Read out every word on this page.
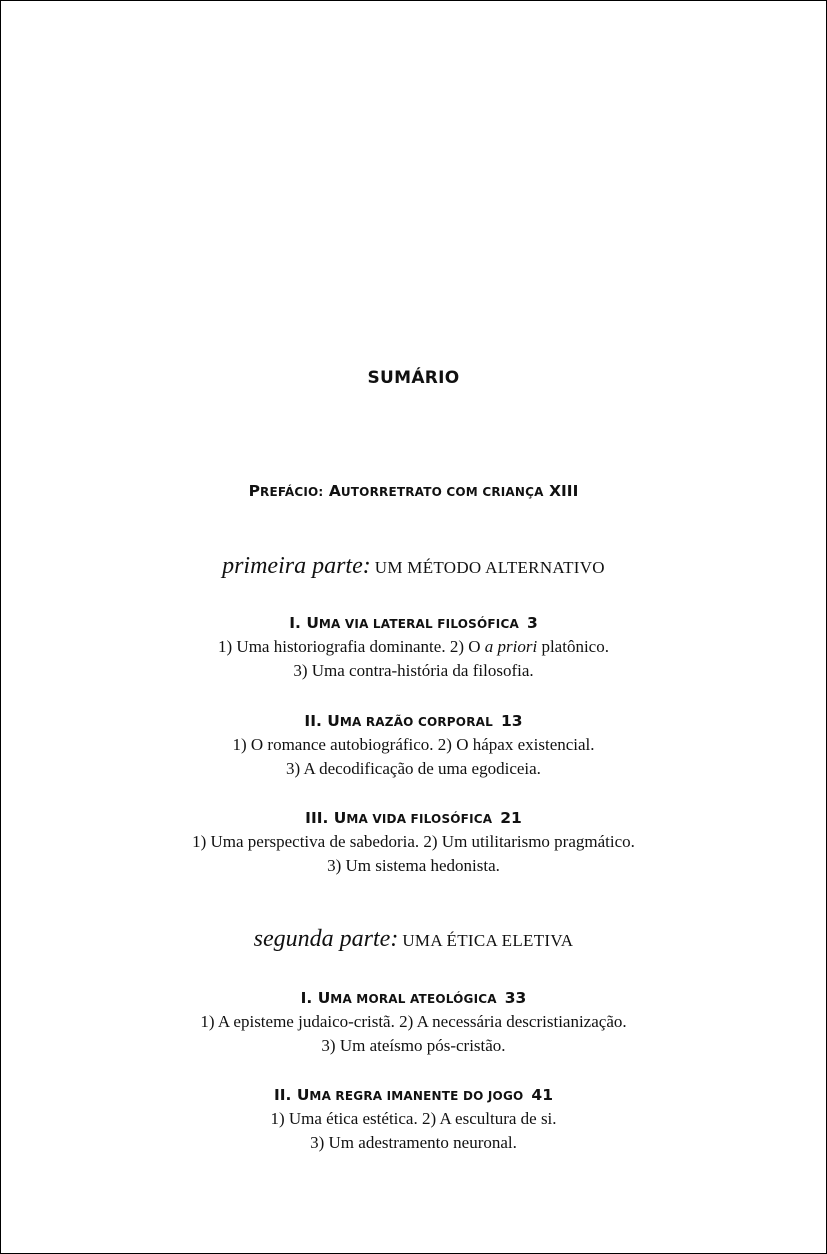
SUMÁRIO
PREFÁCIO: AUTORRETRATO COM CRIANÇA XIII
primeira parte: UM MÉTODO ALTERNATIVO
I. UMA VIA LATERAL FILOSÓFICA 3
1) Uma historiografia dominante. 2) O a priori platônico.
3) Uma contra-história da filosofia.
II. UMA RAZÃO CORPORAL 13
1) O romance autobiográfico. 2) O hápax existencial.
3) A decodificação de uma egodiceia.
III. UMA VIDA FILOSÓFICA 21
1) Uma perspectiva de sabedoria. 2) Um utilitarismo pragmático.
3) Um sistema hedonista.
segunda parte: UMA ÉTICA ELETIVA
I. UMA MORAL ATEOLÓGICA 33
1) A episteme judaico-cristã. 2) A necessária descristianização.
3) Um ateísmo pós-cristão.
II. UMA REGRA IMANENTE DO JOGO 41
1) Uma ética estética. 2) A escultura de si.
3) Um adestramento neuronal.
